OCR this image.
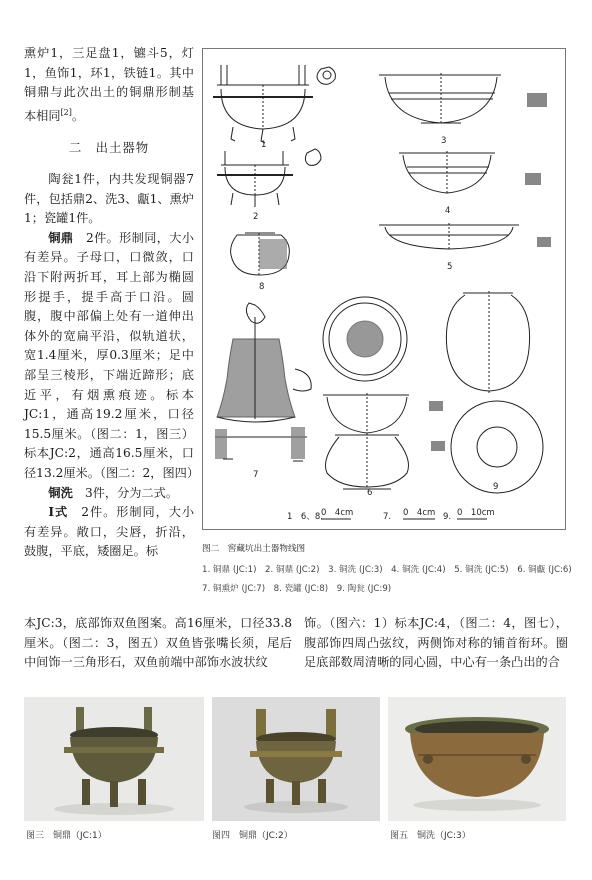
熏炉1，三足盘1，镳斗5，灯1，鱼饰1，环1，铁链1。其中铜鼎与此次出土的铜鼎形制基本相同[2]。

二　出土器物

陶瓮1件，内共发现铜器7件，包括鼎2、洗3、甗1、熏炉1；瓷罐1件。

铜鼎　 2件。形制同，大小有差异。子母口，口微敛，口沿下附两折耳，耳上部为椭圆形提手，提手高于口沿。圆腹，腹中部偏上处有一道伸出体外的宽扁平沿，似轨道状，宽1.4厘米，厚0.3厘米；足中部呈三棱形，下端近蹄形；底近平，有烟熏痕迹。标本JC:1，通高19.2厘米，口径15.5厘米。（图二：1，图三）标本JC:2，通高16.5厘米，口径13.2厘米。（图二：2，图四）

铜洗　 3件，分为二式。

Ⅰ式　 2件。形制同，大小有差异。敞口，尖唇，折沿，鼓腹，平底，矮圈足。标

1
2
3
4
5
6
7
8
9
1　6、8.
0　4cm	7. 0　4cm 9. 0　10cm
图二　窖藏坑出土器物线图
1. 铜鼎 (JC:1)　2. 铜鼎 (JC:2)　3. 铜洗 (JC:3)　4. 铜洗 (JC:4)　5. 铜洗 (JC:5)　6. 铜甗 (JC:6)　7. 铜熏炉 (JC:7)　8. 瓷罐 (JC:8)　9. 陶瓮 (JC:9)
本JC:3，底部饰双鱼图案。高16厘米，口径33.8厘米。（图二：3，图五）双鱼皆张嘴长须，尾后中间饰一三角形石，双鱼前端中部饰水波状纹
饰。（图六：1）标本JC:4，（图二：4，图七），腹部饰四周凸弦纹，两侧饰对称的铺首衔环。圈足底部数周清晰的同心圆，中心有一条凸出的合
图三　铜鼎（JC:1）	图四　铜鼎（JC:2）	图五　铜洗（JC:3）
